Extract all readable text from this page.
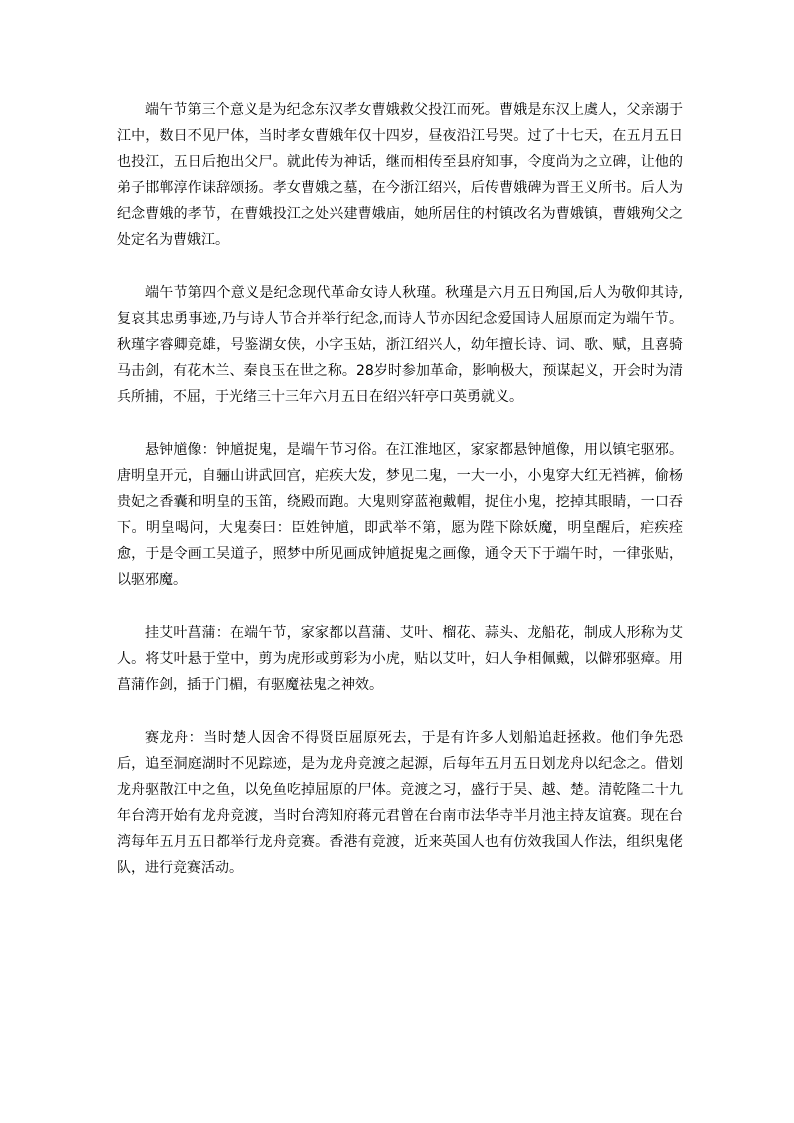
端午节第三个意义是为纪念东汉孝女曹娥救父投江而死。曹娥是东汉上虞人，父亲溺于江中，数日不见尸体，当时孝女曹娥年仅十四岁，昼夜沿江号哭。过了十七天，在五月五日也投江，五日后抱出父尸。就此传为神话，继而相传至县府知事，令度尚为之立碑，让他的弟子邯郸淳作诔辞颂扬。孝女曹娥之墓，在今浙江绍兴，后传曹娥碑为晋王义所书。后人为纪念曹娥的孝节，在曹娥投江之处兴建曹娥庙，她所居住的村镇改名为曹娥镇，曹娥殉父之处定名为曹娥江。

端午节第四个意义是纪念现代革命女诗人秋瑾。秋瑾是六月五日殉国,后人为敬仰其诗,复哀其忠勇事迹,乃与诗人节合并举行纪念,而诗人节亦因纪念爱国诗人屈原而定为端午节。秋瑾字睿卿竞雄，号鉴湖女侠，小字玉姑，浙江绍兴人，幼年擅长诗、词、歌、赋，且喜骑马击剑，有花木兰、秦良玉在世之称。28岁时参加革命，影响极大，预谋起义，开会时为清兵所捕，不屈，于光绪三十三年六月五日在绍兴轩亭口英勇就义。

悬钟馗像：钟馗捉鬼，是端午节习俗。在江淮地区，家家都悬钟馗像，用以镇宅驱邪。唐明皇开元，自骊山讲武回宫，疟疾大发，梦见二鬼，一大一小，小鬼穿大红无裆裤，偷杨贵妃之香囊和明皇的玉笛，绕殿而跑。大鬼则穿蓝袍戴帽，捉住小鬼，挖掉其眼睛，一口吞下。明皇喝问，大鬼奏曰：臣姓钟馗，即武举不第，愿为陛下除妖魔，明皇醒后，疟疾痊愈，于是令画工吴道子，照梦中所见画成钟馗捉鬼之画像，通令天下于端午时，一律张贴，以驱邪魔。

挂艾叶菖蒲：在端午节，家家都以菖蒲、艾叶、榴花、蒜头、龙船花，制成人形称为艾人。将艾叶悬于堂中，剪为虎形或剪彩为小虎，贴以艾叶，妇人争相佩戴，以僻邪驱瘴。用菖蒲作剑，插于门楣，有驱魔祛鬼之神效。

赛龙舟：当时楚人因舍不得贤臣屈原死去，于是有许多人划船追赶拯救。他们争先恐后，追至洞庭湖时不见踪迹，是为龙舟竞渡之起源，后每年五月五日划龙舟以纪念之。借划龙舟驱散江中之鱼，以免鱼吃掉屈原的尸体。竞渡之习，盛行于吴、越、楚。清乾隆二十九年台湾开始有龙舟竞渡，当时台湾知府蒋元君曾在台南市法华寺半月池主持友谊赛。现在台湾每年五月五日都举行龙舟竞赛。香港有竞渡，近来英国人也有仿效我国人作法，组织鬼佬队，进行竞赛活动。
